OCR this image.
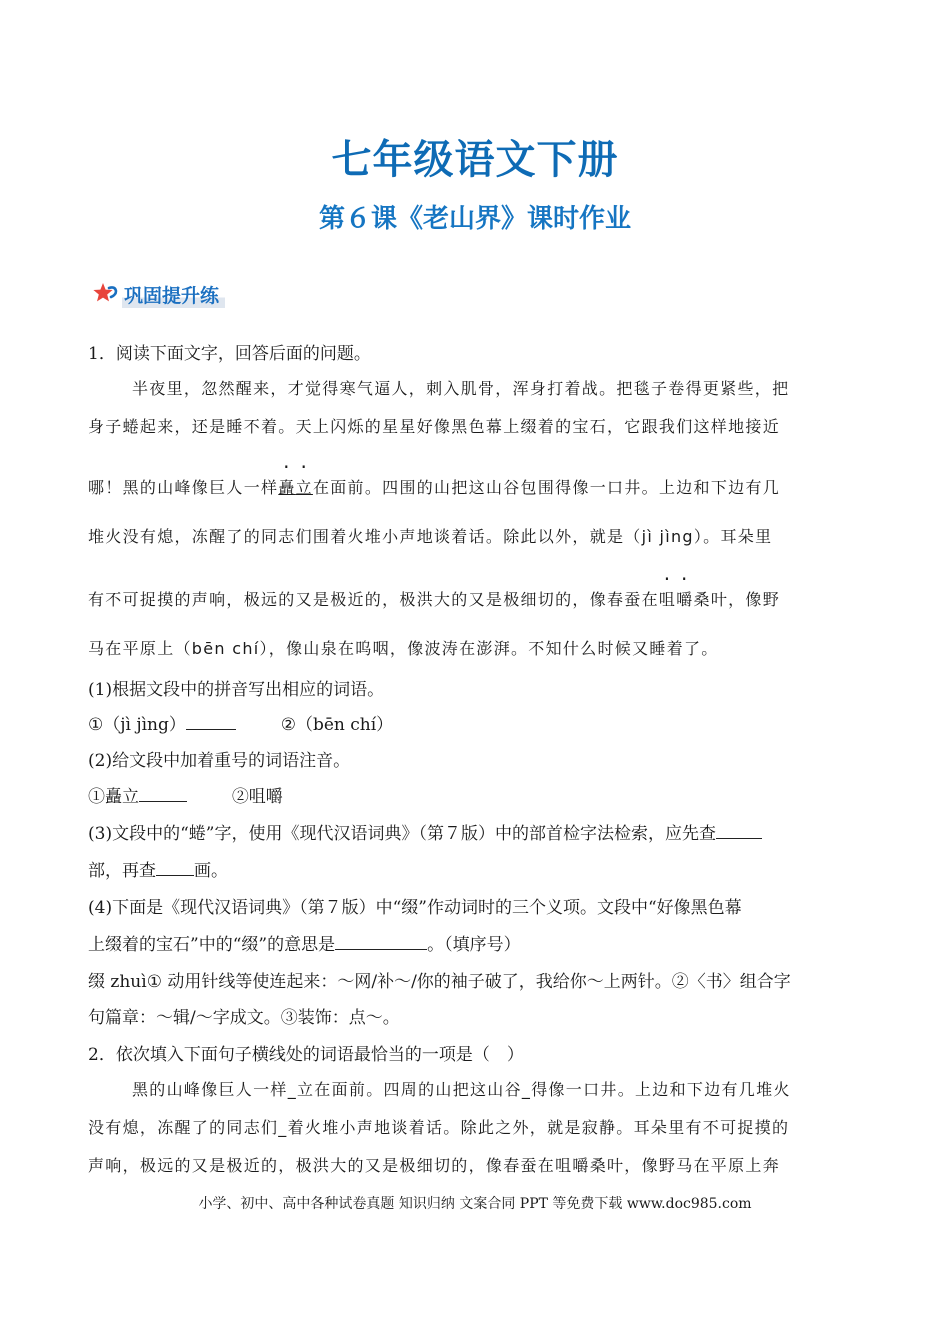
七年级语文下册
第６课《老山界》课时作业
巩固提升练
1．阅读下面文字，回答后面的问题。
半夜里，忽然醒来，才觉得寒气逼人，刺入肌骨，浑身打着战。把毯子卷得更紧些，把
身子蜷起来，还是睡不着。天上闪烁的星星好像黑色幕上缀着的宝石，它跟我们这样地接近
哪！黑的山峰像巨人一样矗立在面前。四围的山把这山谷包围得像一口井。上边和下边有几
堆火没有熄，冻醒了的同志们围着火堆小声地谈着话。除此以外，就是（jì jìng）。耳朵里
有不可捉摸的声响，极远的又是极近的，极洪大的又是极细切的，像春蚕在咀嚼桑叶，像野
马在平原上（bēn chí），像山泉在呜咽，像波涛在澎湃。不知什么时候又睡着了。
(1)根据文段中的拼音写出相应的词语。
①（jì jìng）	②（bēn chí）
(2)给文段中加着重号的词语注音。
①矗立	②咀嚼
(3)文段中的“蜷”字，使用《现代汉语词典》（第７版）中的部首检字法检索，应先查
部，再查 画。
(4)下面是《现代汉语词典》（第７版）中“缀”作动词时的三个义项。文段中“好像黑色幕
上缀着的宝石”中的“缀”的意思是	。（填序号）
缀 zhuì① 动用针线等使连起来：～网/补～/你的袖子破了，我给你～上两针。②〈书〉组合字
句篇章：～辑/～字成文。③装饰：点～。
2．依次填入下面句子横线处的词语最恰当的一项是（　）
黑的山峰像巨人一样_立在面前。四周的山把这山谷_得像一口井。上边和下边有几堆火
没有熄，冻醒了的同志们_着火堆小声地谈着话。除此之外，就是寂静。耳朵里有不可捉摸的
声响，极远的又是极近的，极洪大的又是极细切的，像春蚕在咀嚼桑叶，像野马在平原上奔
小学、初中、高中各种试卷真题 知识归纳 文案合同 PPT 等免费下载 www.doc985.com
